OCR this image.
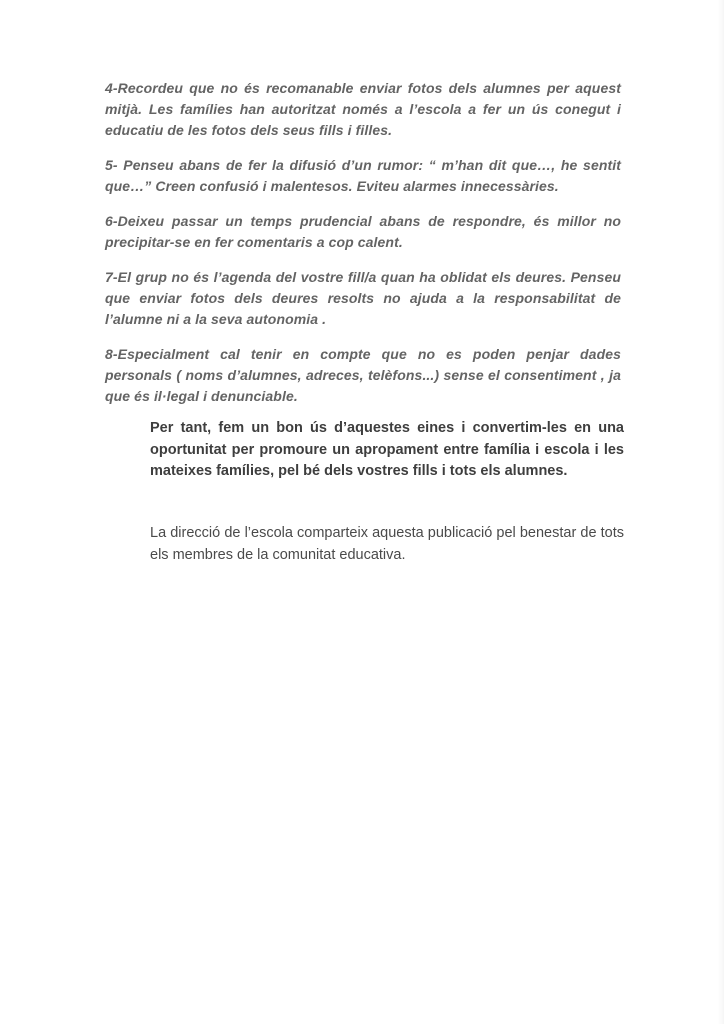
4-Recordeu que no és recomanable enviar fotos dels alumnes per aquest mitjà. Les famílies han autoritzat només a l’escola a fer un ús conegut i educatiu de les fotos dels seus fills i filles.

5- Penseu abans de fer la difusió d’un rumor: “ m’han dit que…, he sentit que…” Creen confusió i malentesos. Eviteu alarmes innecessàries.

6-Deixeu passar un temps prudencial abans de respondre, és millor no precipitar-se en fer comentaris a cop calent.

7-El grup no és l’agenda del vostre fill/a quan ha oblidat els deures. Penseu que enviar fotos dels deures resolts no ajuda a la responsabilitat de l’alumne ni a la seva autonomia .

8-Especialment cal tenir en compte que no es poden penjar dades personals ( noms d’alumnes, adreces, telèfons...) sense el consentiment , ja que és il·legal i denunciable.

Per tant, fem un bon ús d’aquestes eines i convertim-les en una oportunitat per promoure un apropament entre família i escola i les mateixes famílies, pel bé dels vostres fills i tots els alumnes.

La direcció de l’escola comparteix aquesta publicació pel benestar de tots els membres de la comunitat educativa.
